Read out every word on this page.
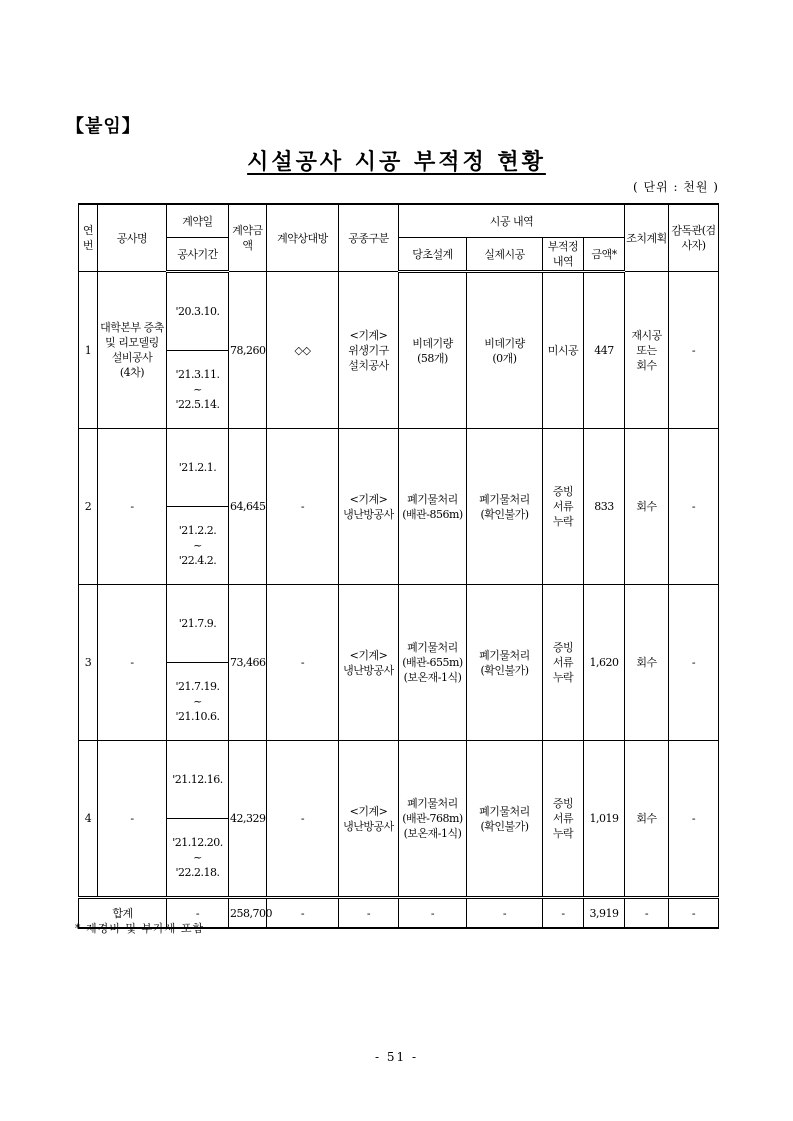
【붙임】
시설공사 시공 부적정 현황
( 단위 : 천원 )
연번	공사명	계약일	계약금액	계약상대방	공종구분	시공 내역				조치계획	감독관(검사자)
		공사기간				당초설계	실제시공	부적정내역	금액*		
1	대학본부 증축
및 리모델링
설비공사
(4차)	'20.3.10.	78,260	◇◇	<기계>
위생기구
설치공사	비데기량
(58개)	비데기량
(0개)	미시공	447	재시공
또는
회수	-

		'21.3.11.
~
'22.5.14.									

2	-	'21.2.1.	64,645	-	<기계>
냉난방공사	폐기물처리
(배관-856m)	폐기물처리
(확인불가)	증빙
서류
누락	833	회수	-

		'21.2.2.
~
'22.4.2.									

3	-	'21.7.9.	73,466	-	<기계>
냉난방공사	폐기물처리
(배관-655m)
(보온재-1식)	폐기물처리
(확인불가)	증빙
서류
누락	1,620	회수	-

		'21.7.19.
~
'21.10.6.									

4	-	'21.12.16.	42,329	-	<기계>
냉난방공사	폐기물처리
(배관-768m)
(보온재-1식)	폐기물처리
(확인불가)	증빙
서류
누락	1,019	회수	-

		'21.12.20.
~
'22.2.18.									

합계		-	258,700	-	-	-	-	-	3,919	-	-
* 제경비 및 부가세 포함
- 51 -
